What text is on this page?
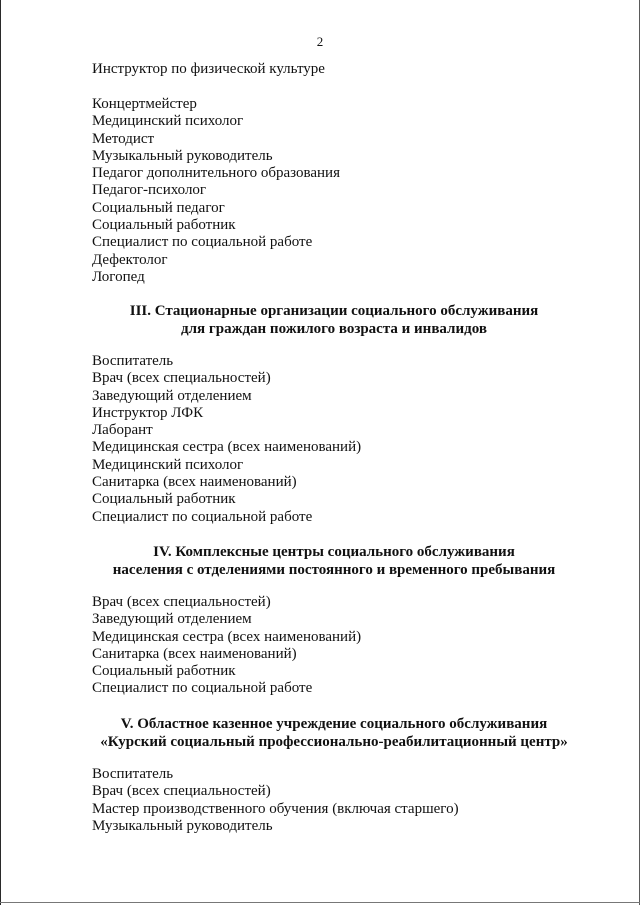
2
Инструктор по физической культуре
Концертмейстер
Медицинский психолог
Методист
Музыкальный руководитель
Педагог дополнительного образования
Педагог-психолог
Социальный педагог
Социальный работник
Специалист по социальной работе
Дефектолог
Логопед
III. Стационарные организации социального обслуживания
для граждан пожилого возраста и инвалидов
Воспитатель
Врач (всех специальностей)
Заведующий отделением
Инструктор ЛФК
Лаборант
Медицинская сестра (всех наименований)
Медицинский психолог
Санитарка (всех наименований)
Социальный работник
Специалист по социальной работе
IV. Комплексные центры социального обслуживания
населения с отделениями постоянного и временного пребывания
Врач (всех специальностей)
Заведующий отделением
Медицинская сестра (всех наименований)
Санитарка (всех наименований)
Социальный работник
Специалист по социальной работе
V. Областное казенное учреждение социального обслуживания
«Курский социальный профессионально-реабилитационный центр»
Воспитатель
Врач (всех специальностей)
Мастер производственного обучения (включая старшего)
Музыкальный руководитель
